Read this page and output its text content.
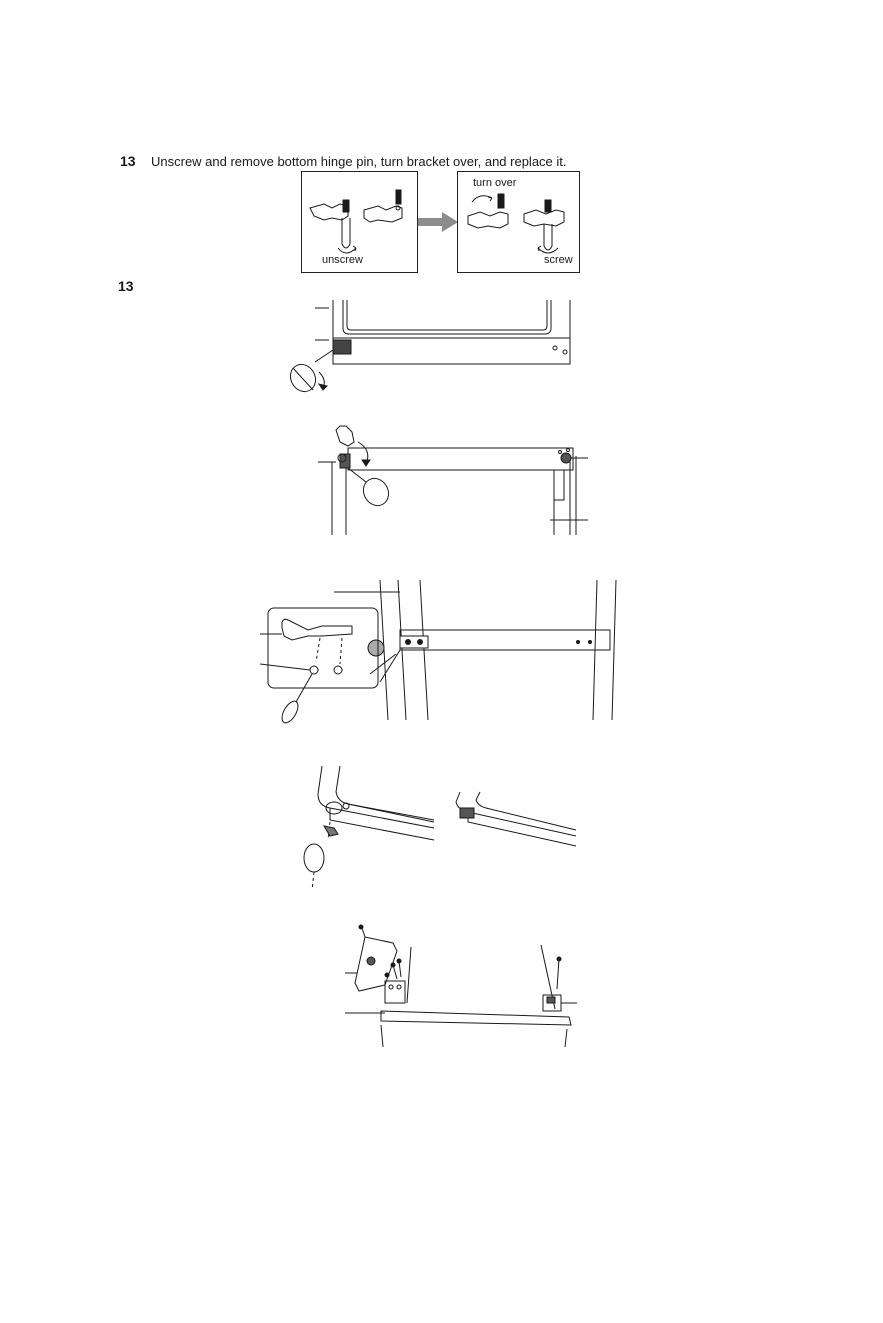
13 Unscrew and remove bottom hinge pin, turn bracket over, and replace it.
unscrew
turn over
screw
13
